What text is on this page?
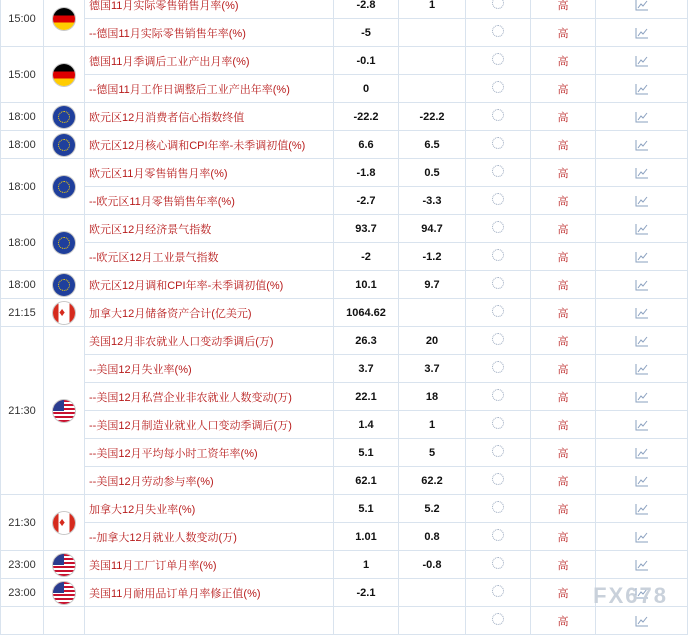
15:00		德国11月实际零售销售月率(%)	-2.8	1		高	
		--德国11月实际零售销售年率(%)	-5			高	
15:00		德国11月季调后工业产出月率(%)	-0.1			高	
		--德国11月工作日调整后工业产出年率(%)	0			高	
18:00		欧元区12月消费者信心指数终值	-22.2	-22.2		高	
18:00		欧元区12月核心调和CPI年率-未季调初值(%)	6.6	6.5		高	
18:00		欧元区11月零售销售月率(%)	-1.8	0.5		高	
		--欧元区11月零售销售年率(%)	-2.7	-3.3		高	
18:00		欧元区12月经济景气指数	93.7	94.7		高	
		--欧元区12月工业景气指数	-2	-1.2		高	
18:00		欧元区12月调和CPI年率-未季调初值(%)	10.1	9.7		高	
21:15	♦	加拿大12月储备资产合计(亿美元)	1064.62			高	
21:30		美国12月非农就业人口变动季调后(万)	26.3	20		高	
		--美国12月失业率(%)	3.7	3.7		高	
		--美国12月私营企业非农就业人数变动(万)	22.1	18		高	
		--美国12月制造业就业人口变动季调后(万)	1.4	1		高	
		--美国12月平均每小时工资年率(%)	5.1	5		高	
		--美国12月劳动参与率(%)	62.1	62.2		高	
21:30	♦	加拿大12月失业率(%)	5.1	5.2		高	
		--加拿大12月就业人数变动(万)	1.01	0.8		高	
23:00		美国11月工厂订单月率(%)	1	-0.8		高	
23:00		美国11月耐用品订单月率修正值(%)	-2.1			高	
						高	
FX678
